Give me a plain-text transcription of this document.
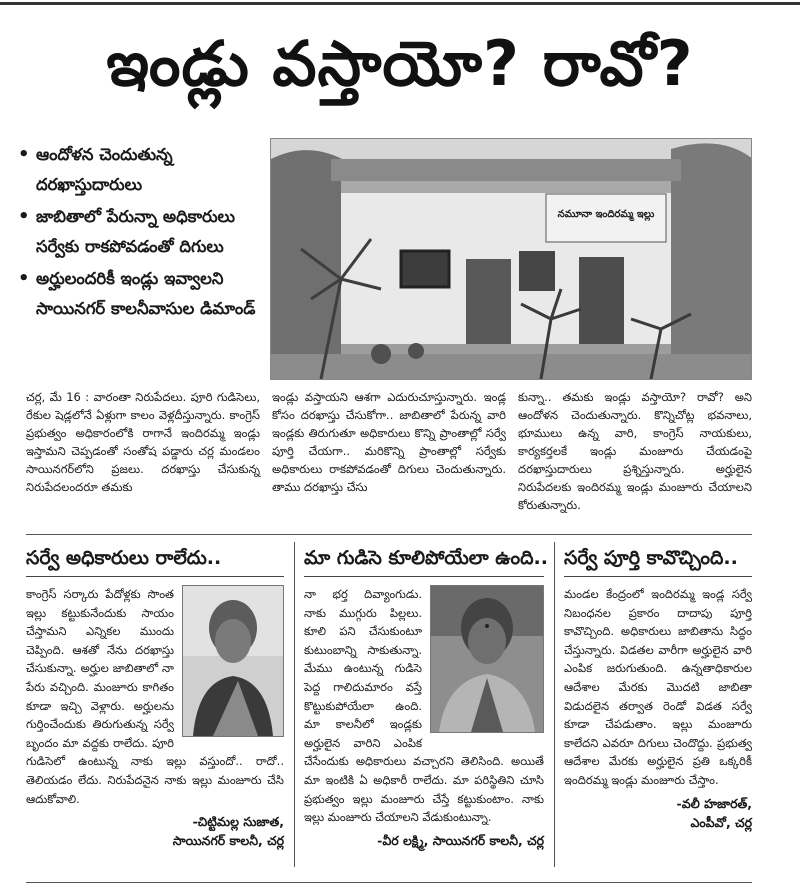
ఇండ్లు వస్తాయో? రావో?
• ఆందోళన చెందుతున్న దరఖాస్తుదారులు
• జాబితాలో పేరున్నా అధికారులు సర్వేకు రాకపోవడంతో దిగులు
• అర్హులందరికీ ఇండ్లు ఇవ్వాలని సాయినగర్ కాలనీవాసుల డిమాండ్
నమూనా ఇందిరమ్మ ఇల్లు
చర్ల, మే 16 : వారంతా నిరుపేదలు. పూరి గుడిసెలు, రేకుల షెడ్లలోనే ఏళ్లుగా కాలం వెళ్లదీస్తున్నారు. కాంగ్రెస్ ప్రభుత్వం అధికారంలోకి రాగానే ఇందిరమ్మ ఇండ్లు ఇస్తామని చెప్పడంతో సంతోష పడ్డారు చర్ల మండలం సాయినగర్‌లోని ప్రజలు. దరఖాస్తు చేసుకున్న నిరుపేదలందరూ తమకు
ఇండ్లు వస్తాయని ఆశగా ఎదురుచూస్తున్నారు. ఇండ్ల కోసం దరఖాస్తు చేసుకోగా.. జాబితాలో పేరున్న వారి ఇండ్లకు తిరుగుతూ అధికారులు కొన్ని ప్రాంతాల్లో సర్వే పూర్తి చేయగా.. మరికొన్ని ప్రాంతాల్లో సర్వేకు అధికారులు రాకపోవడంతో దిగులు చెందుతున్నారు. తాము దరఖాస్తు చేసు
కున్నా.. తమకు ఇండ్లు వస్తాయో? రావో? అని ఆందోళన చెందుతున్నారు. కొన్నిచోట్ల భవనాలు, భూములు ఉన్న వారి, కాంగ్రెస్ నాయకులు, కార్యకర్తలకే ఇండ్లు మంజూరు చేయడంపై దరఖాస్తుదారులు ప్రశ్నిస్తున్నారు. అర్హులైన నిరుపేదలకు ఇందిరమ్మ ఇండ్లు మంజూరు చేయాలని కోరుతున్నారు.
సర్వే అధికారులు రాలేదు..
కాంగ్రెస్ సర్కారు పేదోళ్లకు సొంత ఇల్లు కట్టుకునేందుకు సాయం చేస్తామని ఎన్నికల ముందు చెప్పింది. ఆశతో నేను దరఖాస్తు చేసుకున్నా. అర్హుల జాబితాలో నా పేరు వచ్చింది. మంజూరు కాగితం కూడా ఇచ్చి వెళ్లారు. అర్హులను గుర్తించేందుకు తిరుగుతున్న సర్వే బృందం మా వద్దకు రాలేదు. పూరి గుడిసెలో ఉంటున్న నాకు ఇల్లు వస్తుందో.. రాదో.. తెలియడం లేదు. నిరుపేదనైన నాకు ఇల్లు మంజూరు చేసి ఆదుకోవాలి.
-చిట్టిమల్ల సుజాత,
సాయినగర్ కాలనీ, చర్ల
మా గుడిసె కూలిపోయేలా ఉంది..
నా భర్త దివ్యాంగుడు. నాకు ముగ్గురు పిల్లలు. కూలి పని చేసుకుంటూ కుటుంబాన్ని సాకుతున్నా. మేము ఉంటున్న గుడిసె పెద్ద గాలిదుమారం వస్తే కొట్టుకుపోయేలా ఉంది. మా కాలనీలో ఇండ్లకు అర్హులైన వారిని ఎంపిక చేసేందుకు అధికారులు వచ్చారని తెలిసింది. అయితే మా ఇంటికి ఏ అధికారీ రాలేదు. మా పరిస్థితిని చూసి ప్రభుత్వం ఇల్లు మంజూరు చేస్తే కట్టుకుంటాం. నాకు ఇల్లు మంజూరు చేయాలని వేడుకుంటున్నా.
-వీర లక్ష్మి, సాయినగర్ కాలనీ, చర్ల
సర్వే పూర్తి కావొచ్చింది..
మండల కేంద్రంలో ఇందిరమ్మ ఇండ్ల సర్వే నిబంధనల ప్రకారం దాదాపు పూర్తి కావొచ్చింది. అధికారులు జాబితాను సిద్ధం చేస్తున్నారు. విడతల వారీగా అర్హులైన వారి ఎంపిక జరుగుతుంది. ఉన్నతాధికారుల ఆదేశాల మేరకు మొదటి జాబితా విడుదలైన తర్వాత రెండో విడత సర్వే కూడా చేపడుతాం. ఇల్లు మంజూరు కాలేదని ఎవరూ దిగులు చెందొద్దు. ప్రభుత్వ ఆదేశాల మేరకు అర్హులైన ప్రతి ఒక్కరికీ ఇందిరమ్మ ఇండ్లు మంజూరు చేస్తాం.
-వలీ హజారత్,
ఎంపీవో, చర్ల
